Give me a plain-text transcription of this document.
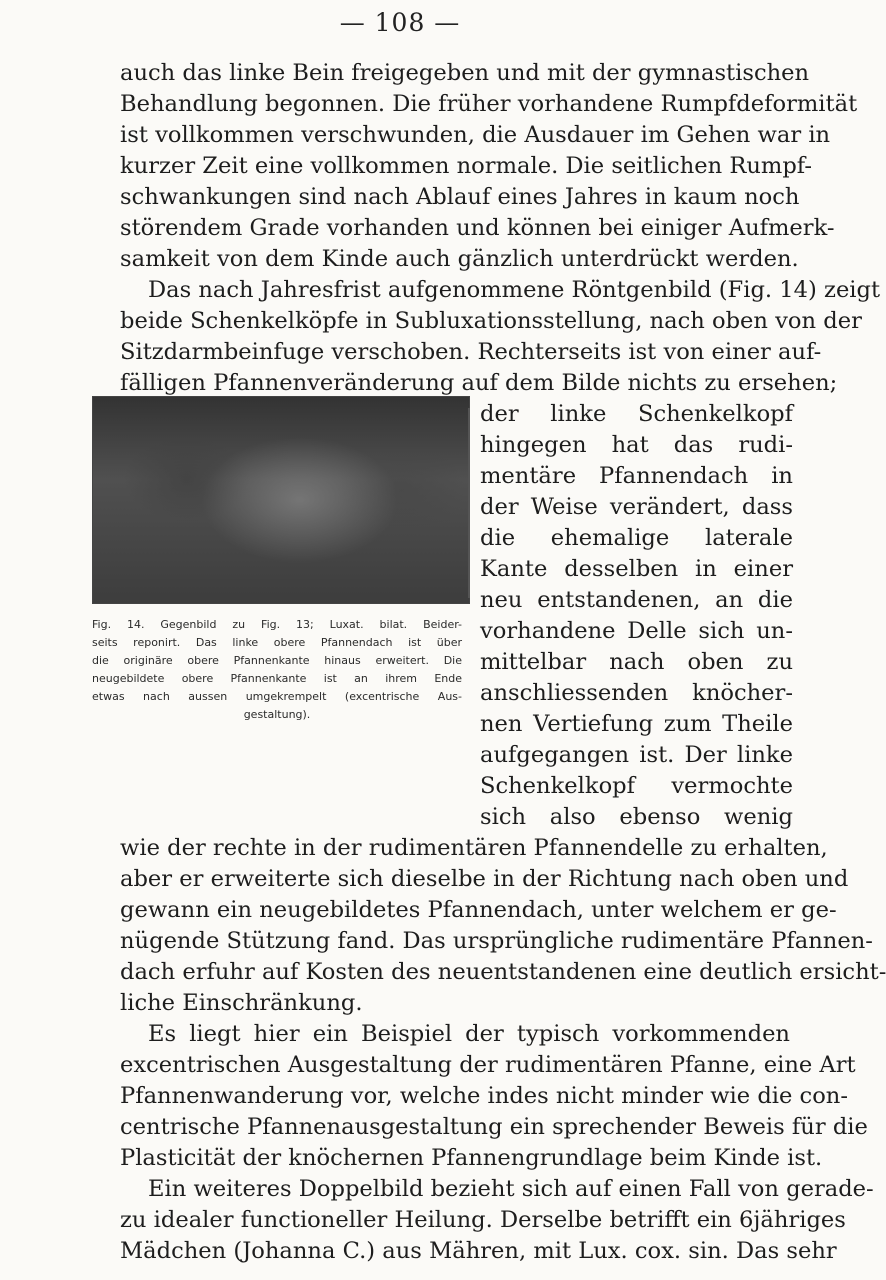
— 108 —
auch das linke Bein freigegeben und mit der gymnastischen
Behandlung begonnen. Die früher vorhandene Rumpfdeformität
ist vollkommen verschwunden, die Ausdauer im Gehen war in
kurzer Zeit eine vollkommen normale. Die seitlichen Rumpf-
schwankungen sind nach Ablauf eines Jahres in kaum noch
störendem Grade vorhanden und können bei einiger Aufmerk-
samkeit von dem Kinde auch gänzlich unterdrückt werden.
Das nach Jahresfrist aufgenommene Röntgenbild (Fig. 14) zeigt
beide Schenkelköpfe in Subluxationsstellung, nach oben von der
Sitzdarmbeinfuge verschoben. Rechterseits ist von einer auf-
fälligen Pfannenveränderung auf dem Bilde nichts zu ersehen;
Fig. 14. Gegenbild zu Fig. 13; Luxat. bilat. Beider-
seits reponirt. Das linke obere Pfannendach ist über
die originäre obere Pfannenkante hinaus erweitert. Die
neugebildete obere Pfannenkante ist an ihrem Ende
etwas nach aussen umgekrempelt (excentrische Aus-
gestaltung).
der linke Schenkelkopf
hingegen hat das rudi-
mentäre Pfannendach in
der Weise verändert, dass
die ehemalige laterale
Kante desselben in einer
neu entstandenen, an die
vorhandene Delle sich un-
mittelbar nach oben zu
anschliessenden knöcher-
nen Vertiefung zum Theile
aufgegangen ist. Der linke
Schenkelkopf vermochte
sich also ebenso wenig
wie der rechte in der rudimentären Pfannendelle zu erhalten,
aber er erweiterte sich dieselbe in der Richtung nach oben und
gewann ein neugebildetes Pfannendach, unter welchem er ge-
nügende Stützung fand. Das ursprüngliche rudimentäre Pfannen-
dach erfuhr auf Kosten des neuentstandenen eine deutlich ersicht-
liche Einschränkung.
Es liegt hier ein Beispiel der typisch vorkommenden
excentrischen Ausgestaltung der rudimentären Pfanne, eine Art
Pfannenwanderung vor, welche indes nicht minder wie die con-
centrische Pfannenausgestaltung ein sprechender Beweis für die
Plasticität der knöchernen Pfannengrundlage beim Kinde ist.
Ein weiteres Doppelbild bezieht sich auf einen Fall von gerade-
zu idealer functioneller Heilung. Derselbe betrifft ein 6jähriges
Mädchen (Johanna C.) aus Mähren, mit Lux. cox. sin. Das sehr
